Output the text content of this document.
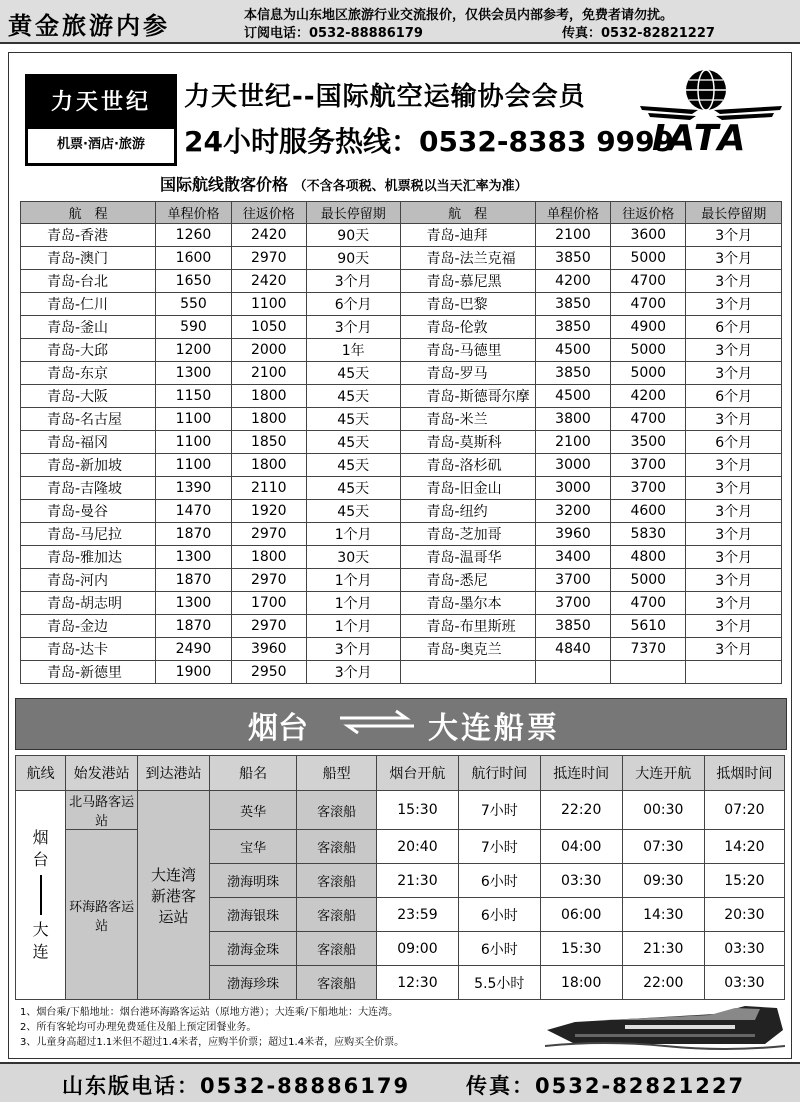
黄金旅游内参	本信息为山东地区旅游行业交流报价，仅供会员内部参考，免费者请勿扰。
订阅电话：0532-88886179	传真：0532-82821227
力天世纪
机票·酒店·旅游
力天世纪--国际航空运输协会会员
24小时服务热线：0532-8383 9999
IATA
国际航线散客价格 （不含各项税、机票税以当天汇率为准）
航　程	单程价格	往返价格	最长停留期	航　程	单程价格	往返价格	最长停留期
青岛-香港	1260	2420	90天	青岛-迪拜	2100	3600	3个月
青岛-澳门	1600	2970	90天	青岛-法兰克福	3850	5000	3个月
青岛-台北	1650	2420	3个月	青岛-慕尼黑	4200	4700	3个月
青岛-仁川	550	1100	6个月	青岛-巴黎	3850	4700	3个月
青岛-釜山	590	1050	3个月	青岛-伦敦	3850	4900	6个月
青岛-大邱	1200	2000	1年	青岛-马德里	4500	5000	3个月
青岛-东京	1300	2100	45天	青岛-罗马	3850	5000	3个月
青岛-大阪	1150	1800	45天	青岛-斯德哥尔摩	4500	4200	6个月
青岛-名古屋	1100	1800	45天	青岛-米兰	3800	4700	3个月
青岛-福冈	1100	1850	45天	青岛-莫斯科	2100	3500	6个月
青岛-新加坡	1100	1800	45天	青岛-洛杉矶	3000	3700	3个月
青岛-吉隆坡	1390	2110	45天	青岛-旧金山	3000	3700	3个月
青岛-曼谷	1470	1920	45天	青岛-纽约	3200	4600	3个月
青岛-马尼拉	1870	2970	1个月	青岛-芝加哥	3960	5830	3个月
青岛-雅加达	1300	1800	30天	青岛-温哥华	3400	4800	3个月
青岛-河内	1870	2970	1个月	青岛-悉尼	3700	5000	3个月
青岛-胡志明	1300	1700	1个月	青岛-墨尔本	3700	4700	3个月
青岛-金边	1870	2970	1个月	青岛-布里斯班	3850	5610	3个月
青岛-达卡	2490	3960	3个月	青岛-奥克兰	4840	7370	3个月
青岛-新德里	1900	2950	3个月				
烟台	大连船票
航线	始发港站	到达港站	船名	船型	烟台开航	航行时间	抵连时间	大连开航	抵烟时间

烟
台
大
连	北马路客运站	大连湾新港客运站	英华	客滚船	15:30	7小时	22:20	00:30	07:20
	环海路客运站		宝华	客滚船	20:40	7小时	04:00	07:30	14:20
			渤海明珠	客滚船	21:30	6小时	03:30	09:30	15:20
			渤海银珠	客滚船	23:59	6小时	06:00	14:30	20:30
			渤海金珠	客滚船	09:00	6小时	15:30	21:30	03:30
			渤海珍珠	客滚船	12:30	5.5小时	18:00	22:00	03:30
1、烟台乘/下船地址：烟台港环海路客运站（原地方港）；大连乘/下船地址：大连湾。
2、所有客轮均可办理免费延住及船上预定团餐业务。
3、儿童身高超过1.1米但不超过1.4米者，应购半价票；超过1.4米者，应购买全价票。
山东版电话：0532-88886179	传真：0532-82821227
